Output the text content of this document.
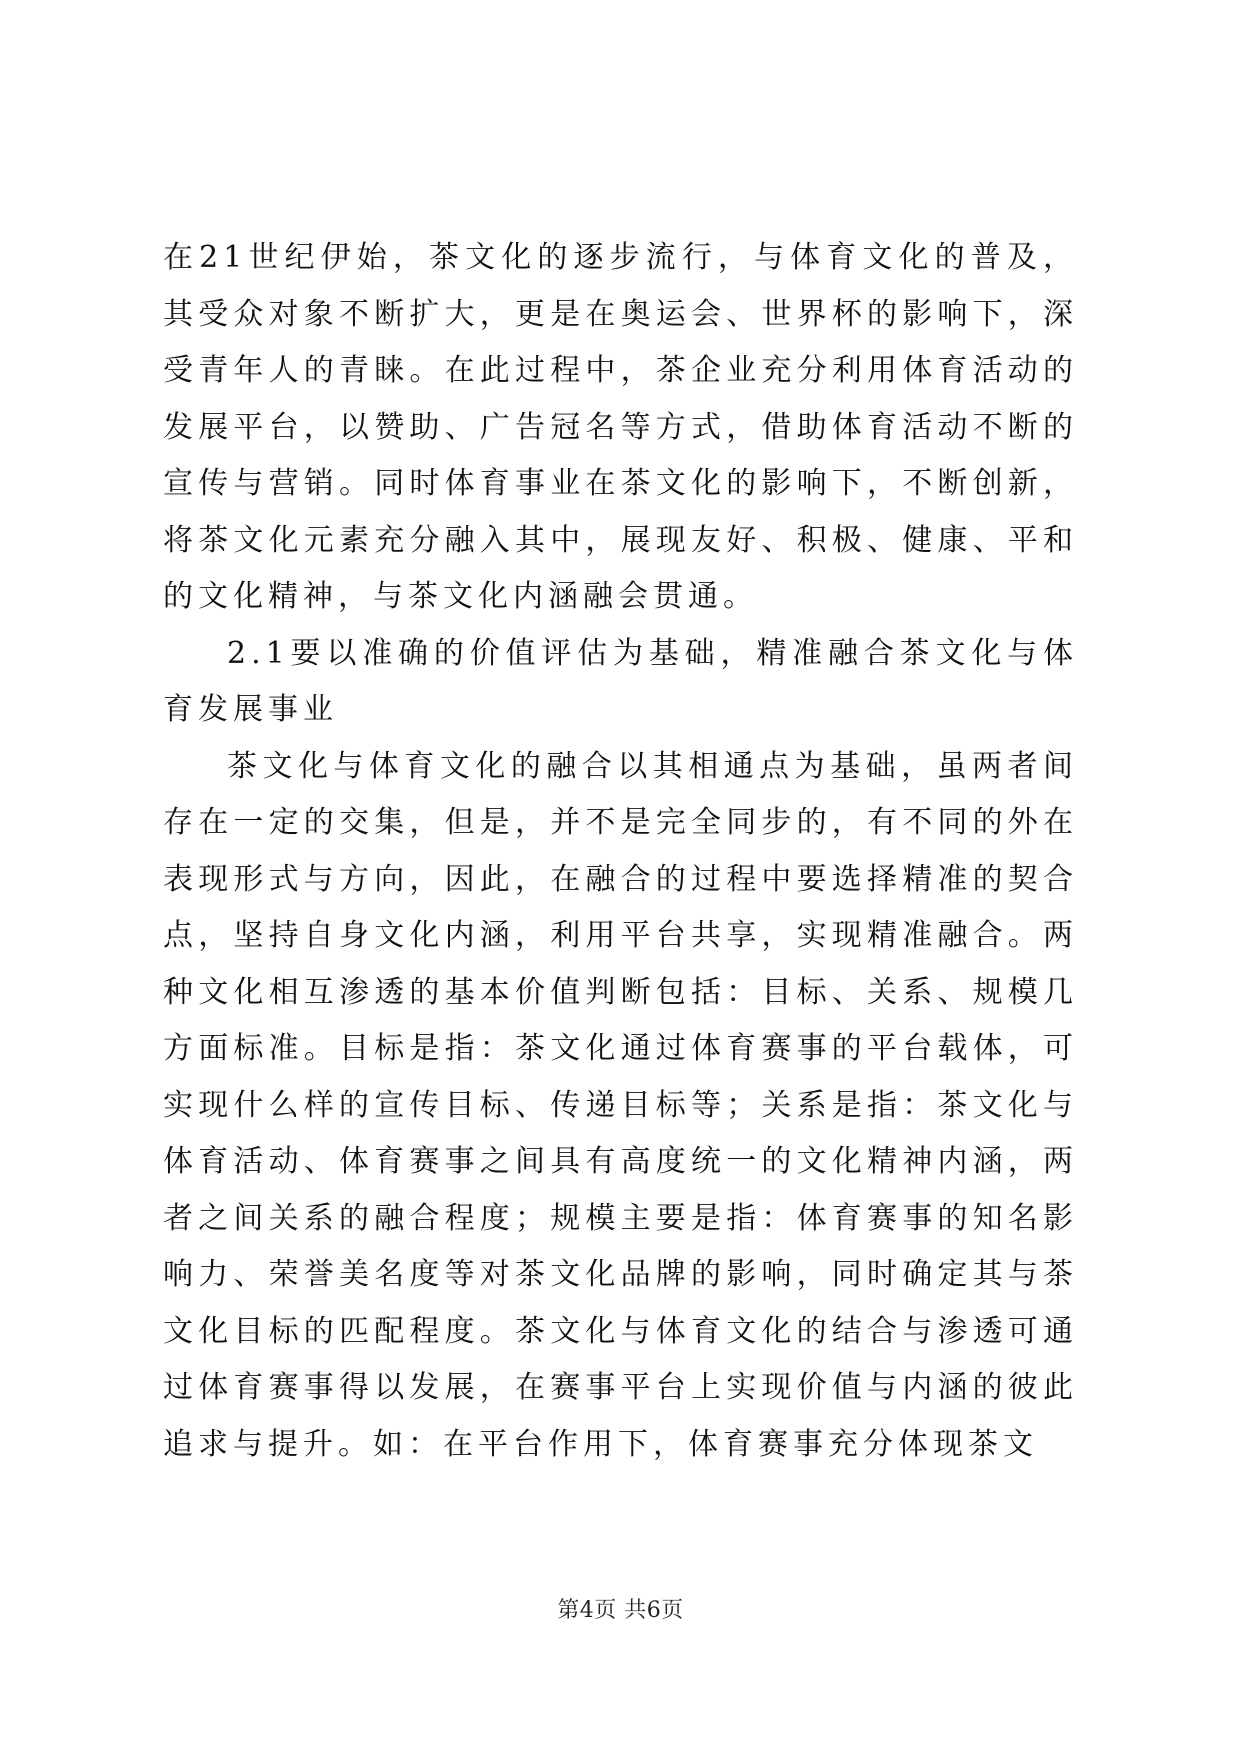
在21世纪伊始，茶文化的逐步流行，与体育文化的普及，其受众对象不断扩大，更是在奥运会、世界杯的影响下，深受青年人的青睐。在此过程中，茶企业充分利用体育活动的发展平台，以赞助、广告冠名等方式，借助体育活动不断的宣传与营销。同时体育事业在茶文化的影响下，不断创新，将茶文化元素充分融入其中，展现友好、积极、健康、平和的文化精神，与茶文化内涵融会贯通。

2.1要以准确的价值评估为基础，精准融合茶文化与体育发展事业

茶文化与体育文化的融合以其相通点为基础，虽两者间存在一定的交集，但是，并不是完全同步的，有不同的外在表现形式与方向，因此，在融合的过程中要选择精准的契合点，坚持自身文化内涵，利用平台共享，实现精准融合。两种文化相互渗透的基本价值判断包括：目标、关系、规模几方面标准。目标是指：茶文化通过体育赛事的平台载体，可实现什么样的宣传目标、传递目标等；关系是指：茶文化与体育活动、体育赛事之间具有高度统一的文化精神内涵，两者之间关系的融合程度；规模主要是指：体育赛事的知名影响力、荣誉美名度等对茶文化品牌的影响，同时确定其与茶文化目标的匹配程度。茶文化与体育文化的结合与渗透可通过体育赛事得以发展，在赛事平台上实现价值与内涵的彼此追求与提升。如：在平台作用下，体育赛事充分体现茶文

第4页 共6页
